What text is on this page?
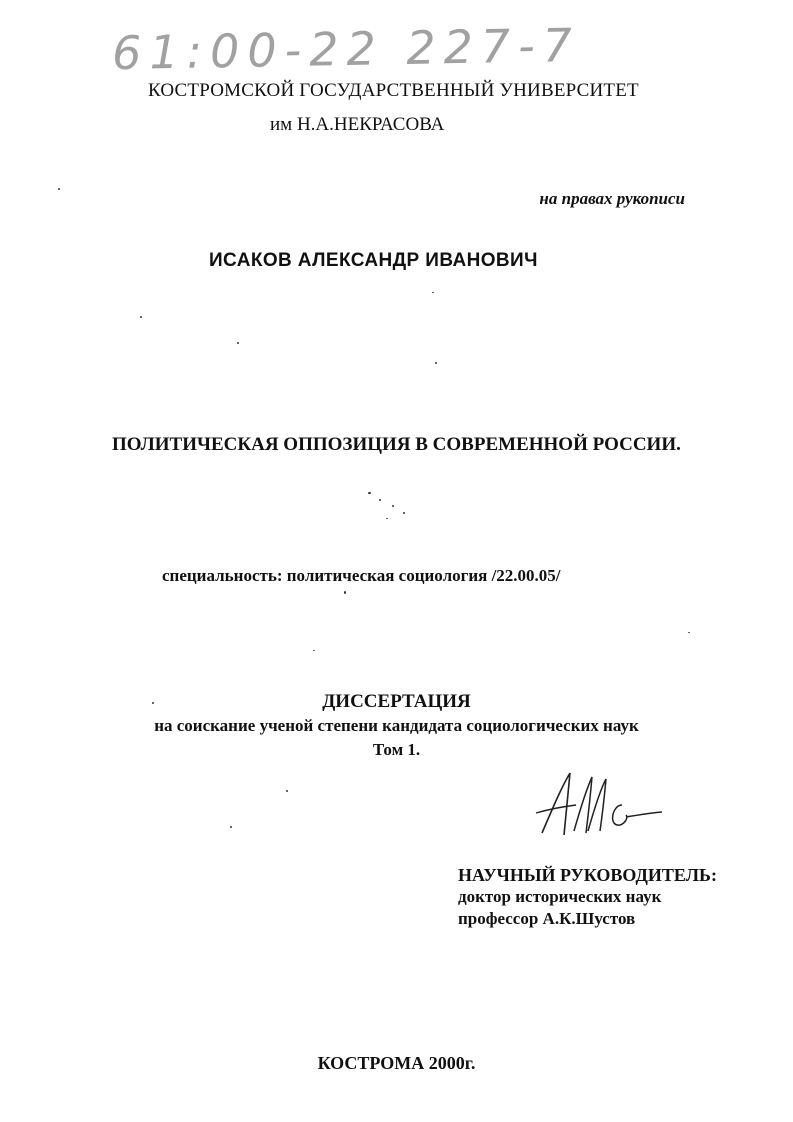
61:00-22 227-7
КОСТРОМСКОЙ ГОСУДАРСТВЕННЫЙ УНИВЕРСИТЕТ
им Н.А.НЕКРАСОВА
на правах рукописи
ИСАКОВ АЛЕКСАНДР ИВАНОВИЧ
ПОЛИТИЧЕСКАЯ ОППОЗИЦИЯ В СОВРЕМЕННОЙ РОССИИ.
специальность: политическая социология /22.00.05/
ДИССЕРТАЦИЯ
на соискание ученой степени кандидата социологических наук
Том 1.
НАУЧНЫЙ РУКОВОДИТЕЛЬ:
доктор исторических наук
профессор А.К.Шустов
КОСТРОМА 2000г.
